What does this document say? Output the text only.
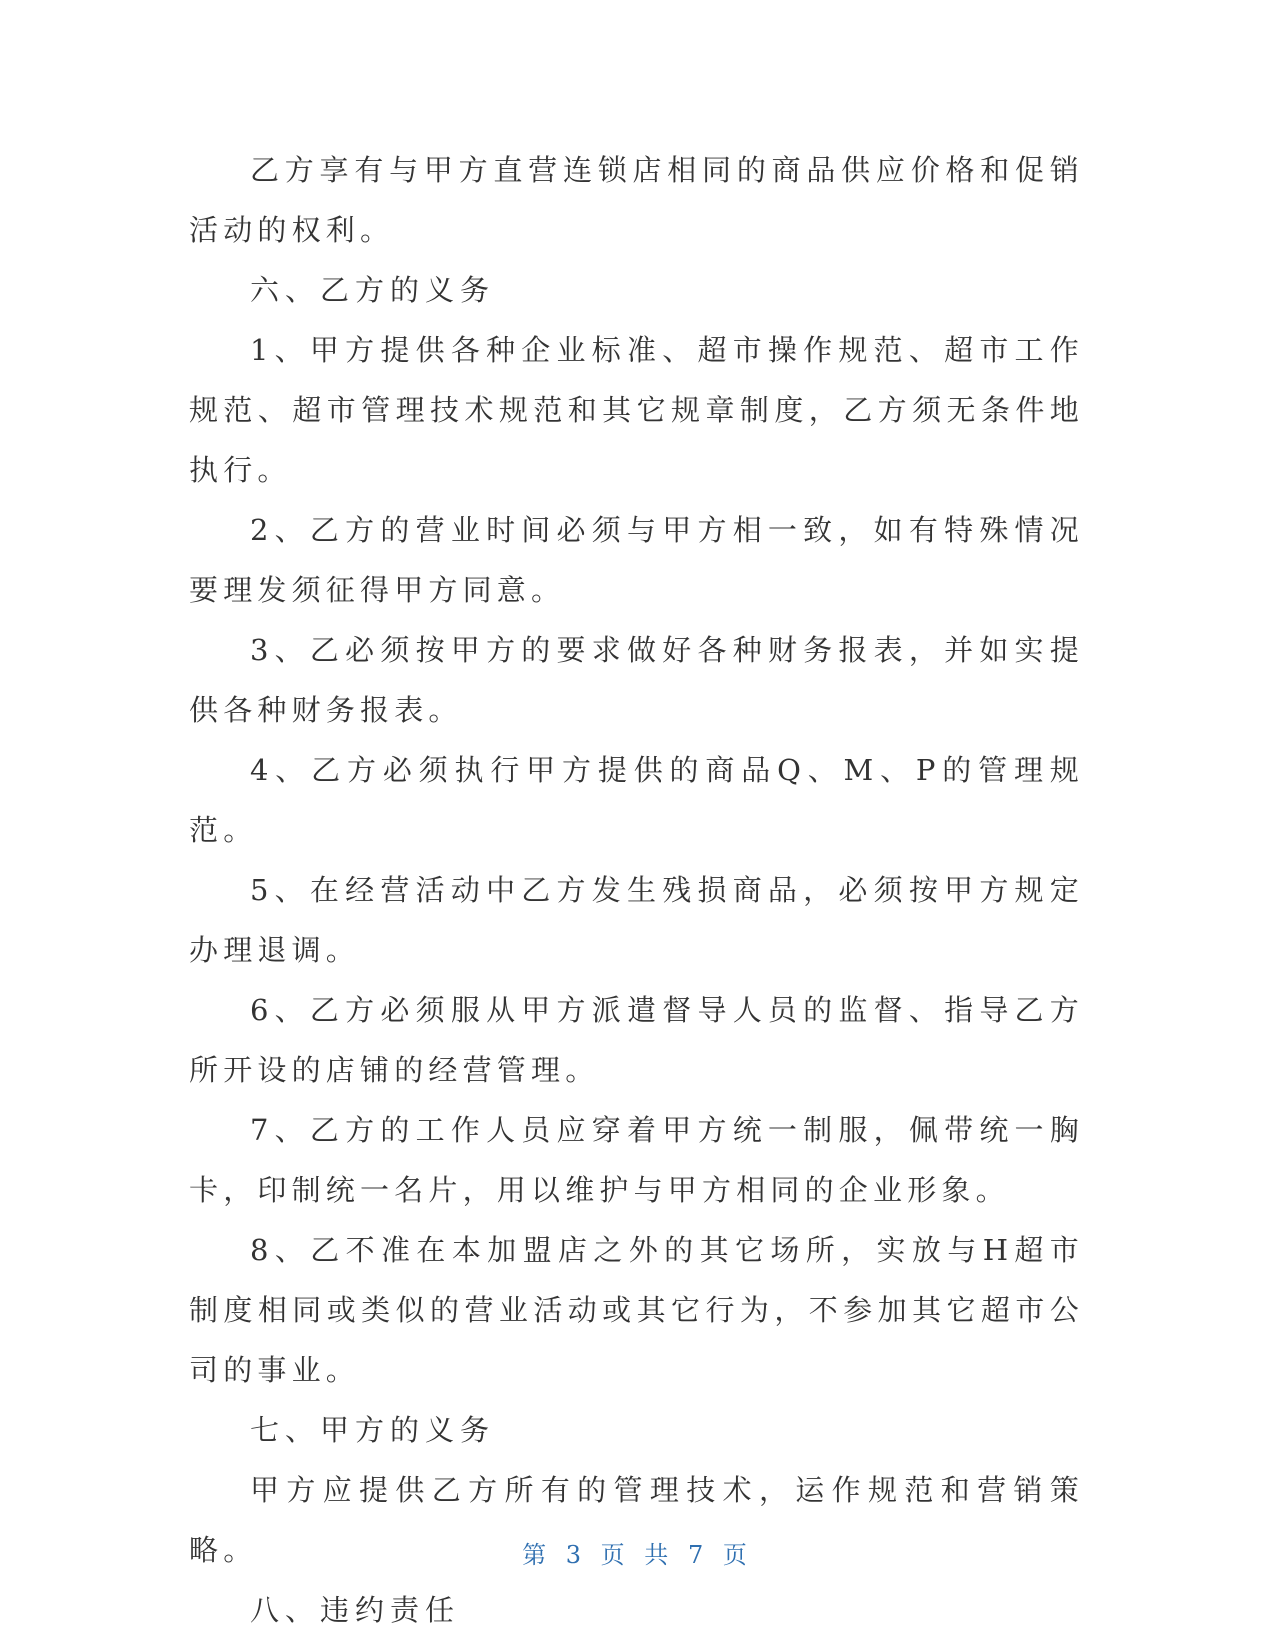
乙方享有与甲方直营连锁店相同的商品供应价格和促销活动的权利。

六、乙方的义务

1、甲方提供各种企业标准、超市操作规范、超市工作规范、超市管理技术规范和其它规章制度，乙方须无条件地执行。

2、乙方的营业时间必须与甲方相一致，如有特殊情况要理发须征得甲方同意。

3、乙必须按甲方的要求做好各种财务报表，并如实提供各种财务报表。

4、乙方必须执行甲方提供的商品Q、M、P的管理规范。

5、在经营活动中乙方发生残损商品，必须按甲方规定办理退调。

6、乙方必须服从甲方派遣督导人员的监督、指导乙方所开设的店铺的经营管理。

7、乙方的工作人员应穿着甲方统一制服，佩带统一胸卡，印制统一名片，用以维护与甲方相同的企业形象。

8、乙不准在本加盟店之外的其它场所，实放与H超市制度相同或类似的营业活动或其它行为，不参加其它超市公司的事业。

七、甲方的义务

甲方应提供乙方所有的管理技术，运作规范和营销策略。

八、违约责任

第 3 页 共 7 页
